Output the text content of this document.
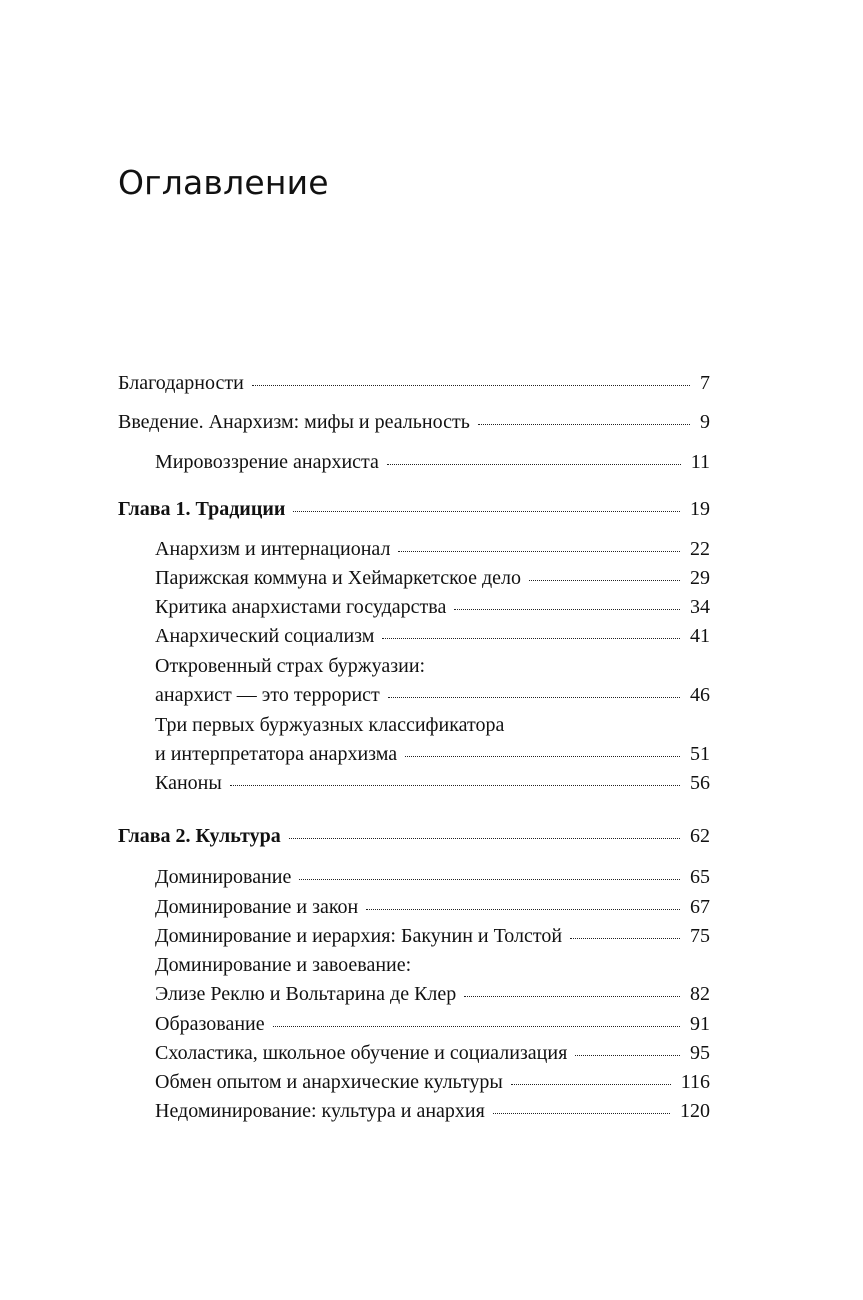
Оглавление
Благодарности	7
Введение. Анархизм: мифы и реальность	9
Мировоззрение анархиста	11
Глава 1. Традиции	19
Анархизм и интернационал	22
Парижская коммуна и Хеймаркетское дело	29
Критика анархистами государства	34
Анархический социализм	41
Откровенный страх буржуазии:
анархист — это террорист	46
Три первых буржуазных классификатора
и интерпретатора анархизма	51
Каноны	56
Глава 2. Культура	62
Доминирование	65
Доминирование и закон	67
Доминирование и иерархия: Бакунин и Толстой	75
Доминирование и завоевание:
Элизе Реклю и Вольтарина де Клер	82
Образование	91
Схоластика, школьное обучение и социализация	95
Обмен опытом и анархические культуры	116
Недоминирование: культура и анархия	120
